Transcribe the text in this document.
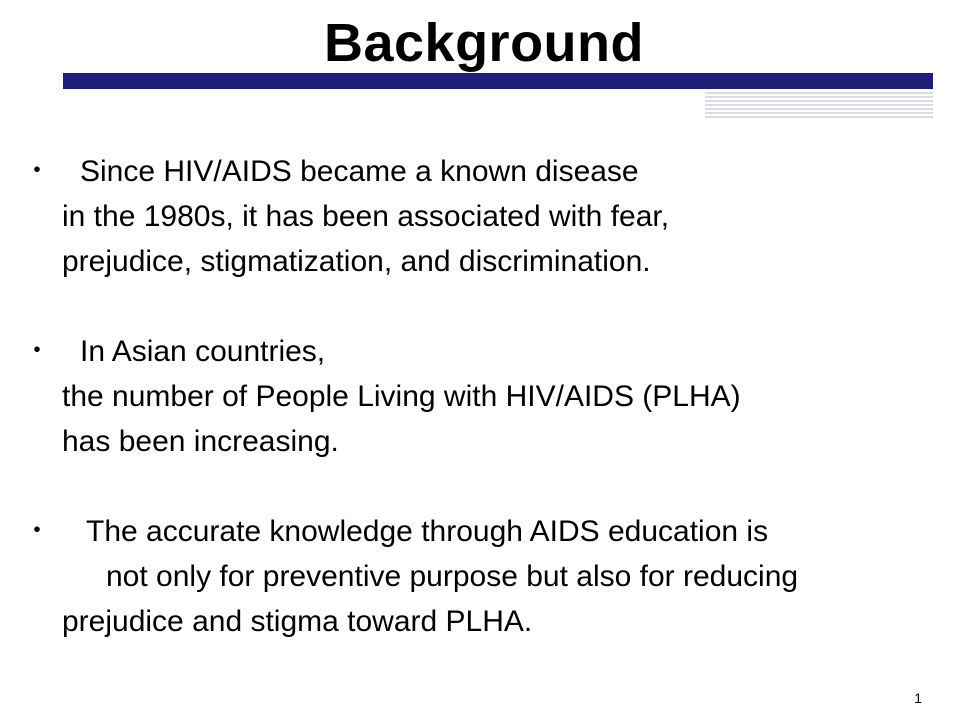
Background
・ Since HIV/AIDS became a known disease
in the 1980s, it has been associated with fear,
prejudice, stigmatization, and discrimination.
・ In Asian countries,
the number of People Living with HIV/AIDS (PLHA)
has been increasing.
・ The accurate knowledge through AIDS education is
not only for preventive purpose but also for reducing
prejudice and stigma toward PLHA.
1
